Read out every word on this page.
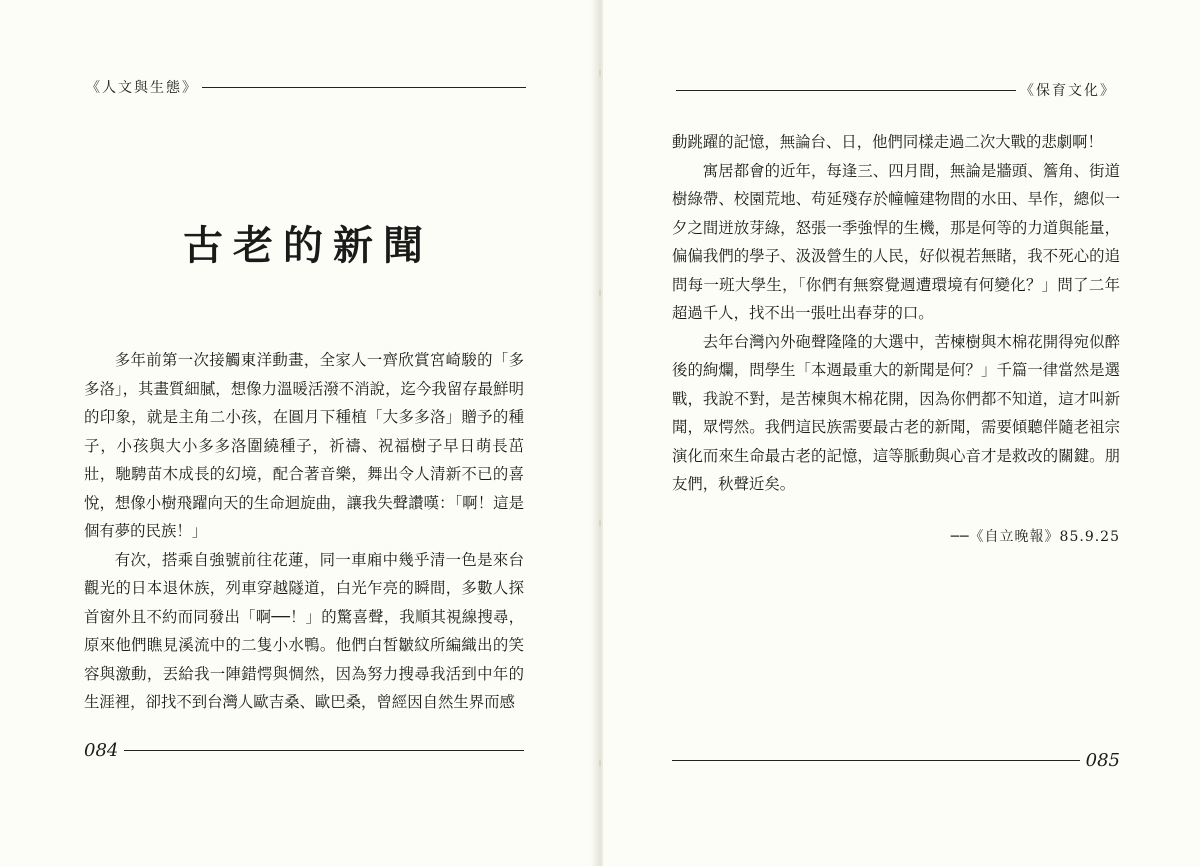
《人文與生態》
古老的新聞

多年前第一次接觸東洋動畫，全家人一齊欣賞宮崎駿的「多多洛」，其畫質細膩，想像力溫暖活潑不消說，迄今我留存最鮮明的印象，就是主角二小孩，在圓月下種植「大多多洛」贈予的種子，小孩與大小多多洛圍繞種子，祈禱、祝福樹子早日萌長茁壯，馳騁苗木成長的幻境，配合著音樂，舞出令人清新不已的喜悅，想像小樹飛躍向天的生命迴旋曲，讓我失聲讚嘆：「啊！這是個有夢的民族！」

有次，搭乘自強號前往花蓮，同一車廂中幾乎清一色是來台觀光的日本退休族，列車穿越隧道，白光乍亮的瞬間，多數人探首窗外且不約而同發出「啊──！」的驚喜聲，我順其視線搜尋，原來他們瞧見溪流中的二隻小水鴨。他們白皙皺紋所編織出的笑容與激動，丟給我一陣錯愕與惆然，因為努力搜尋我活到中年的生涯裡，卻找不到台灣人歐吉桑、歐巴桑，曾經因自然生界而感

084
《保育文化》

動跳躍的記憶，無論台、日，他們同樣走過二次大戰的悲劇啊！

寓居都會的近年，每逢三、四月間，無論是牆頭、簷角、街道樹綠帶、校園荒地、苟延殘存於幢幢建物間的水田、旱作，總似一夕之間迸放芽綠，怒張一季強悍的生機，那是何等的力道與能量，偏偏我們的學子、汲汲營生的人民，好似視若無睹，我不死心的追問每一班大學生，「你們有無察覺週遭環境有何變化？」問了二年超過千人，找不出一張吐出春芽的口。

去年台灣內外砲聲隆隆的大選中，苦楝樹與木棉花開得宛似醉後的絢爛，問學生「本週最重大的新聞是何？」千篇一律當然是選戰，我說不對，是苦楝與木棉花開，因為你們都不知道，這才叫新聞，眾愕然。我們這民族需要最古老的新聞，需要傾聽伴隨老祖宗演化而來生命最古老的記憶，這等脈動與心音才是救改的關鍵。朋友們，秋聲近矣。

──《自立晚報》85.9.25
085
